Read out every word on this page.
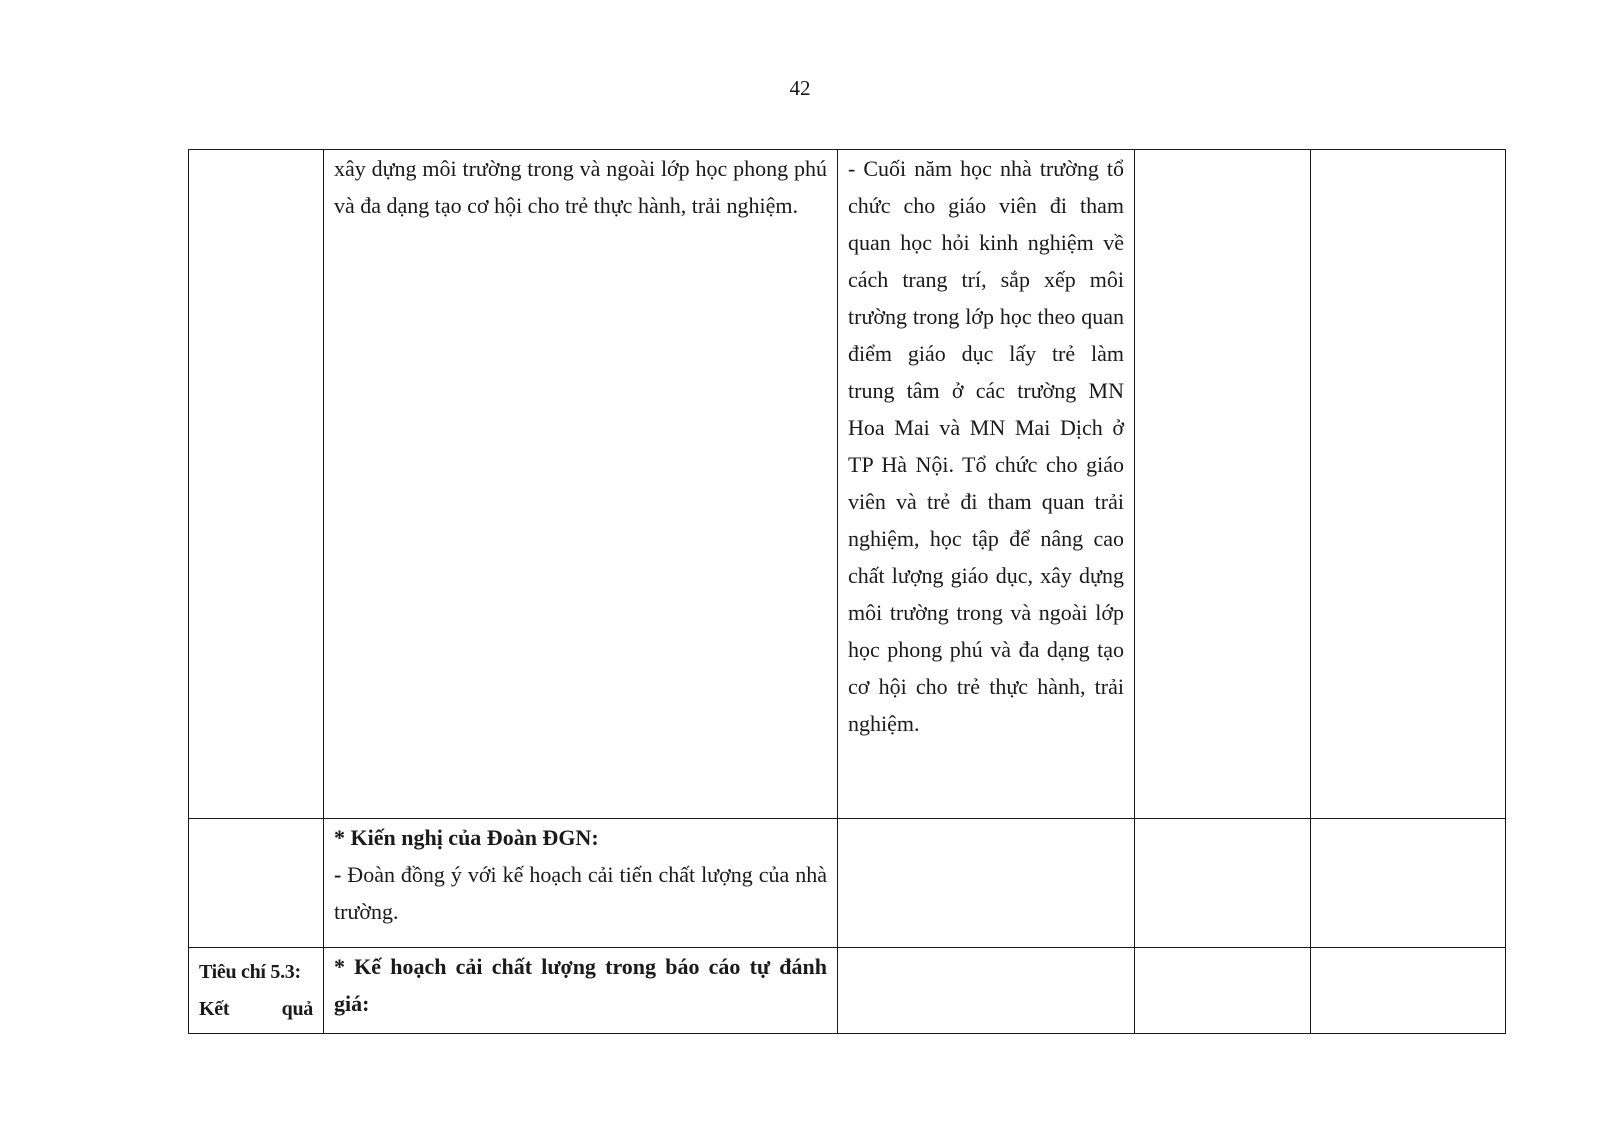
42

	xây dựng môi trường trong và ngoài lớp học phong phú và đa dạng tạo cơ hội cho trẻ thực hành, trải nghiệm.	- Cuối năm học nhà trường tổ chức cho giáo viên đi tham quan học hỏi kinh nghiệm về cách trang trí, sắp xếp môi trường trong lớp học theo quan điểm giáo dục lấy trẻ làm trung tâm ở các trường MN Hoa Mai và MN Mai Dịch ở TP Hà Nội. Tổ chức cho giáo viên và trẻ đi tham quan trải nghiệm, học tập để nâng cao chất lượng giáo dục, xây dựng môi trường trong và ngoài lớp học phong phú và đa dạng tạo cơ hội cho trẻ thực hành, trải nghiệm.		

	* Kiến nghị của Đoàn ĐGN:

- Đoàn đồng ý với kế hoạch cải tiến chất lượng của nhà trường.			

Tiêu chí 5.3:
Kết quả	* Kế hoạch cải chất lượng trong báo cáo tự đánh giá:			
